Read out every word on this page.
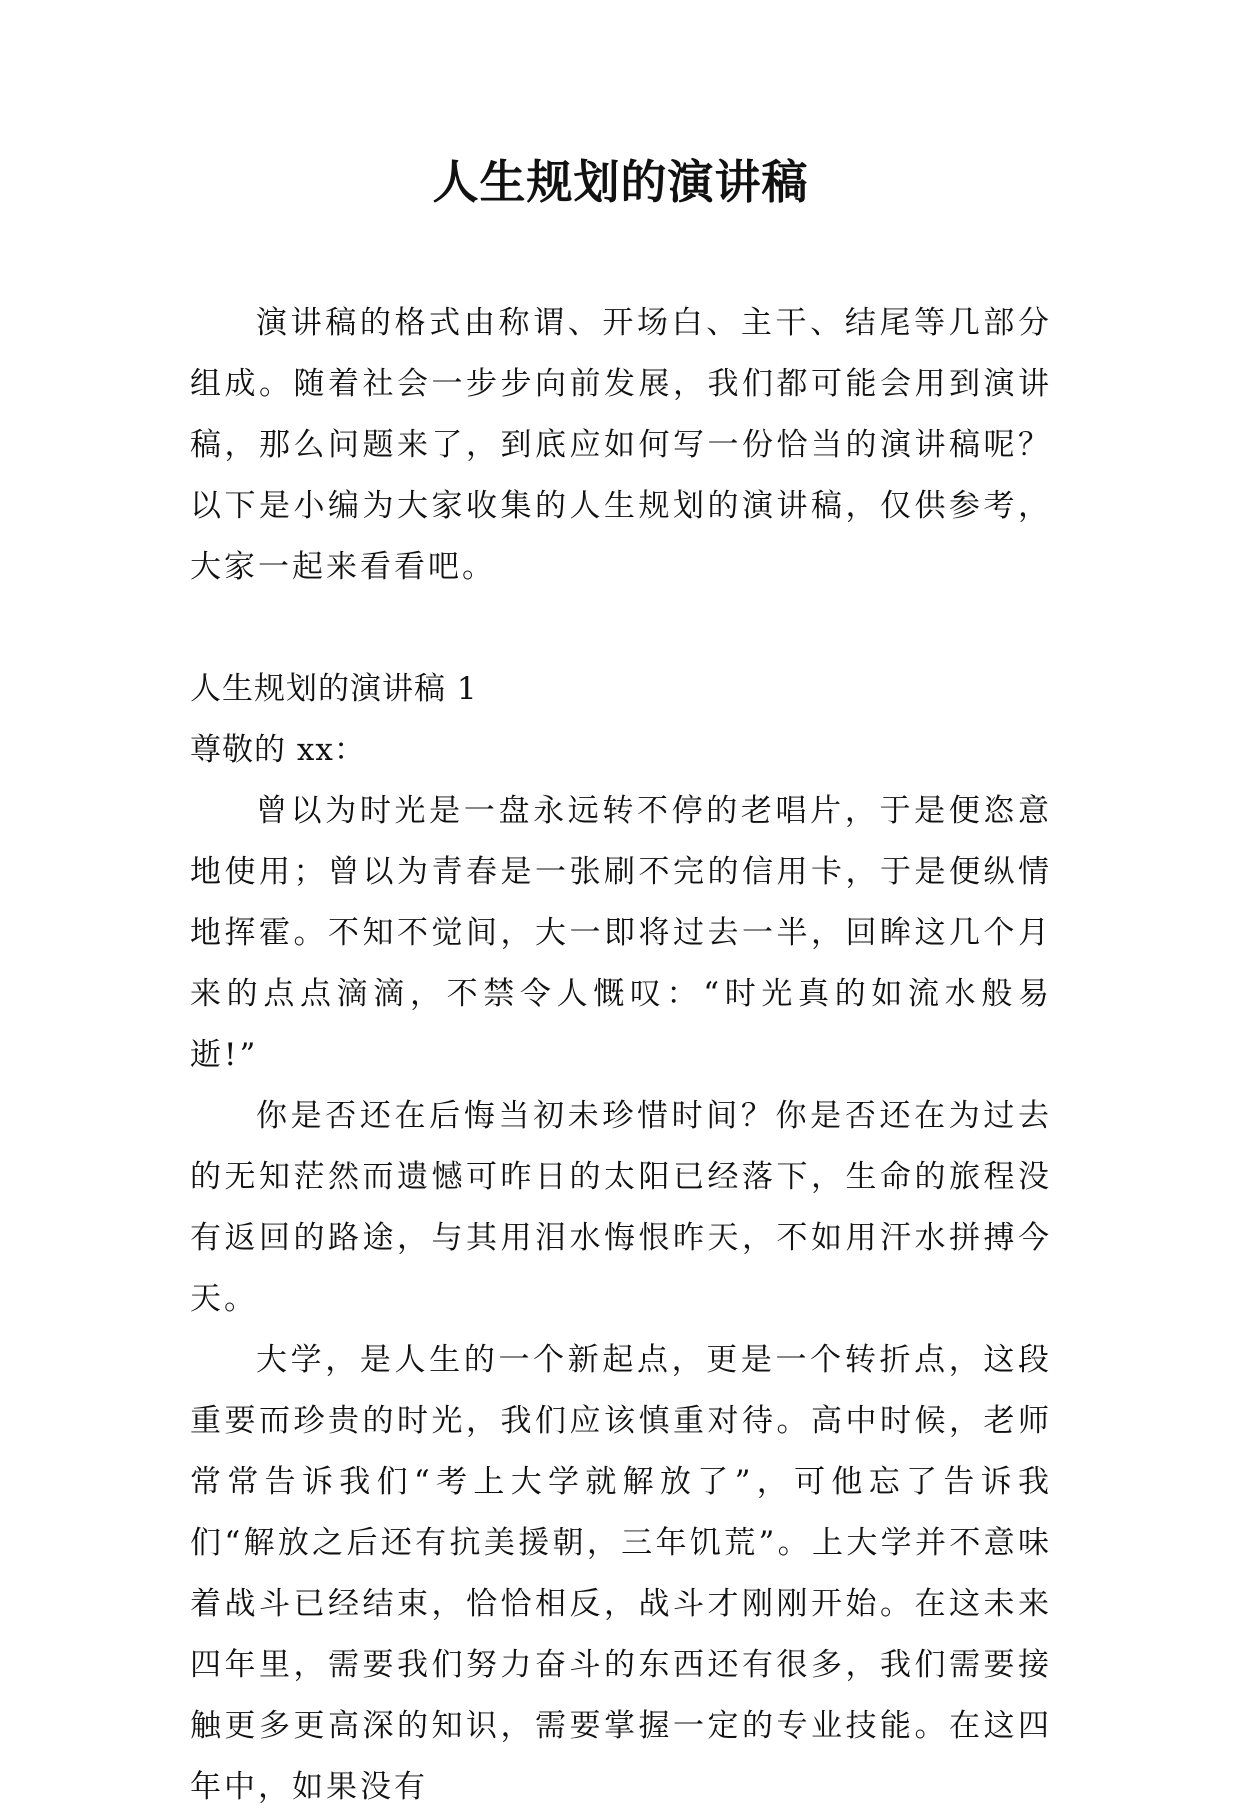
人生规划的演讲稿

演讲稿的格式由称谓、开场白、主干、结尾等几部分组成。随着社会一步步向前发展，我们都可能会用到演讲稿，那么问题来了，到底应如何写一份恰当的演讲稿呢？以下是小编为大家收集的人生规划的演讲稿，仅供参考，大家一起来看看吧。

人生规划的演讲稿 1

尊敬的 xx：

曾以为时光是一盘永远转不停的老唱片，于是便恣意地使用；曾以为青春是一张刷不完的信用卡，于是便纵情地挥霍。不知不觉间，大一即将过去一半，回眸这几个月来的点点滴滴，不禁令人慨叹：“时光真的如流水般易逝!”

你是否还在后悔当初未珍惜时间？你是否还在为过去的无知茫然而遗憾可昨日的太阳已经落下，生命的旅程没有返回的路途，与其用泪水悔恨昨天，不如用汗水拼搏今天。

大学，是人生的一个新起点，更是一个转折点，这段重要而珍贵的时光，我们应该慎重对待。高中时候，老师常常告诉我们“考上大学就解放了”，可他忘了告诉我们“解放之后还有抗美援朝，三年饥荒”。上大学并不意味着战斗已经结束，恰恰相反，战斗才刚刚开始。在这未来四年里，需要我们努力奋斗的东西还有很多，我们需要接触更多更高深的知识，需要掌握一定的专业技能。在这四年中，如果没有
